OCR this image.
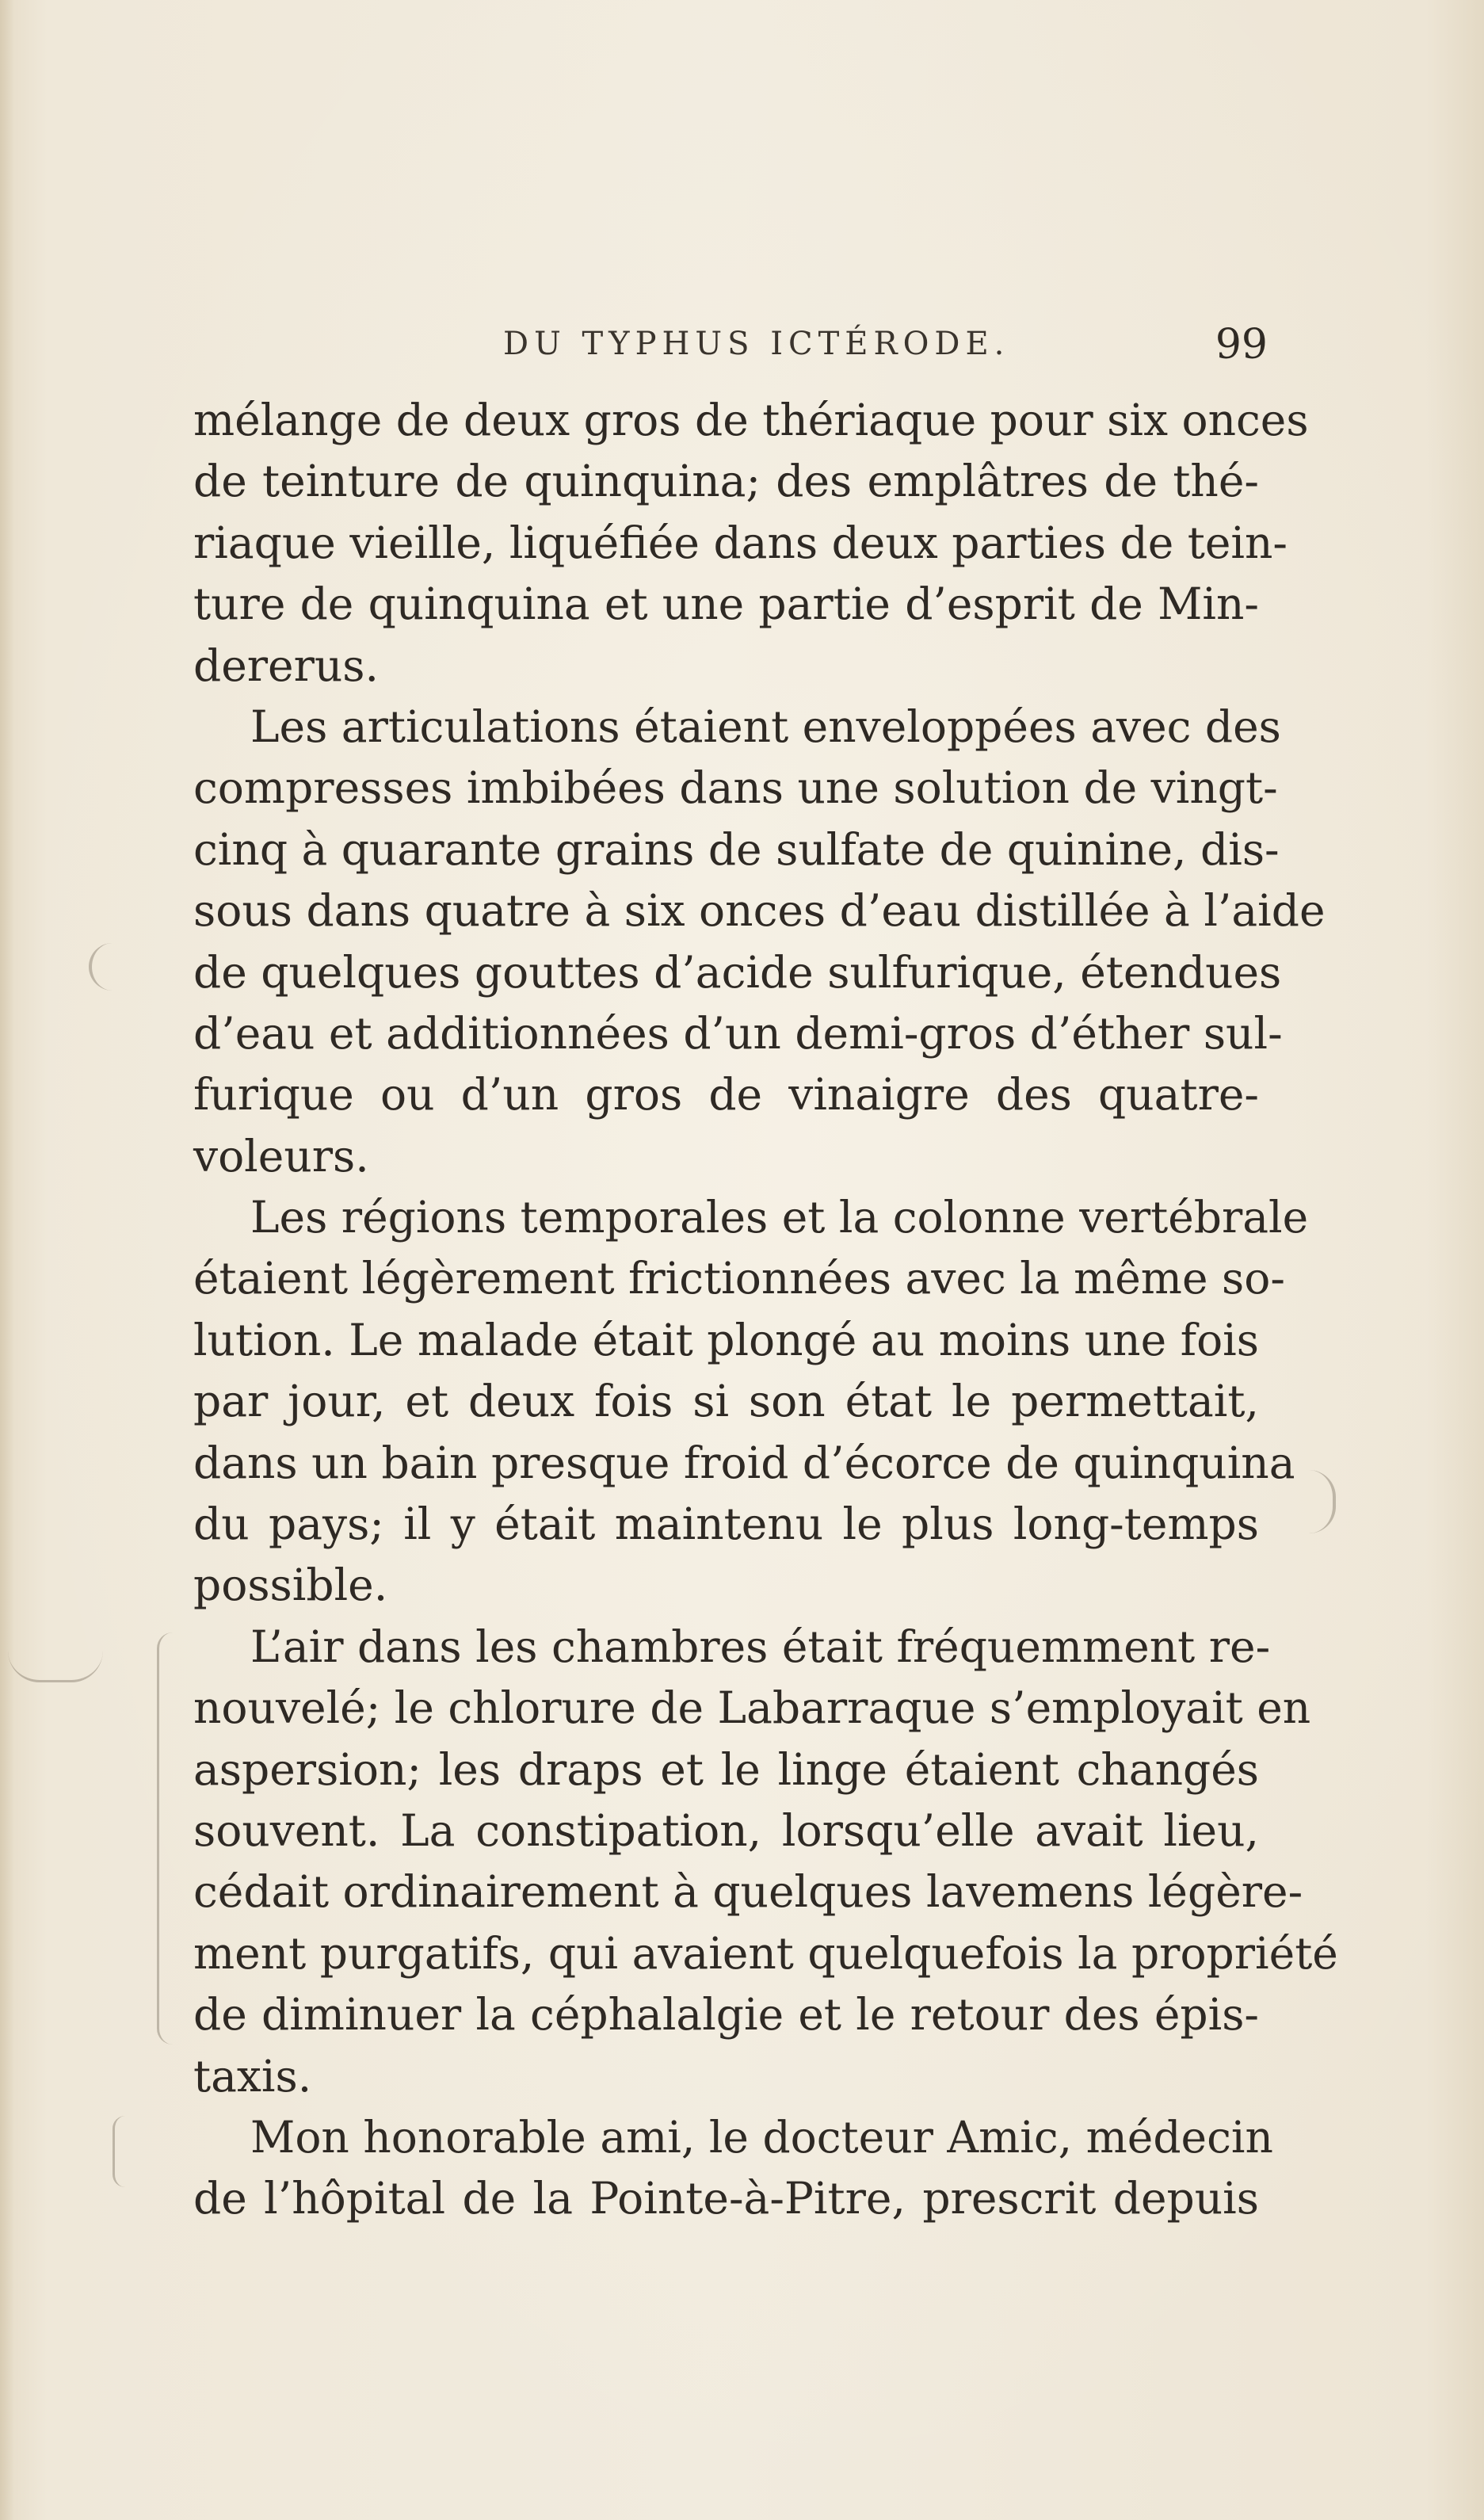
DU TYPHUS ICTÉRODE.	99
mélange de deux gros de thériaque pour six onces
de teinture de quinquina; des emplâtres de thé-
riaque vieille, liquéfiée dans deux parties de tein-
ture de quinquina et une partie d’esprit de Min-
dererus.
Les articulations étaient enveloppées avec des
compresses imbibées dans une solution de vingt-
cinq à quarante grains de sulfate de quinine, dis-
sous dans quatre à six onces d’eau distillée à l’aide
de quelques gouttes d’acide sulfurique, étendues
d’eau et additionnées d’un demi-gros d’éther sul-
furique ou d’un gros de vinaigre des quatre-
voleurs.
Les régions temporales et la colonne vertébrale
étaient légèrement frictionnées avec la même so-
lution. Le malade était plongé au moins une fois
par jour, et deux fois si son état le permettait,
dans un bain presque froid d’écorce de quinquina
du pays; il y était maintenu le plus long-temps
possible.
L’air dans les chambres était fréquemment re-
nouvelé; le chlorure de Labarraque s’employait en
aspersion; les draps et le linge étaient changés
souvent. La constipation, lorsqu’elle avait lieu,
cédait ordinairement à quelques lavemens légère-
ment purgatifs, qui avaient quelquefois la propriété
de diminuer la céphalalgie et le retour des épis-
taxis.
Mon honorable ami, le docteur Amic, médecin
de l’hôpital de la Pointe-à-Pitre, prescrit depuis
